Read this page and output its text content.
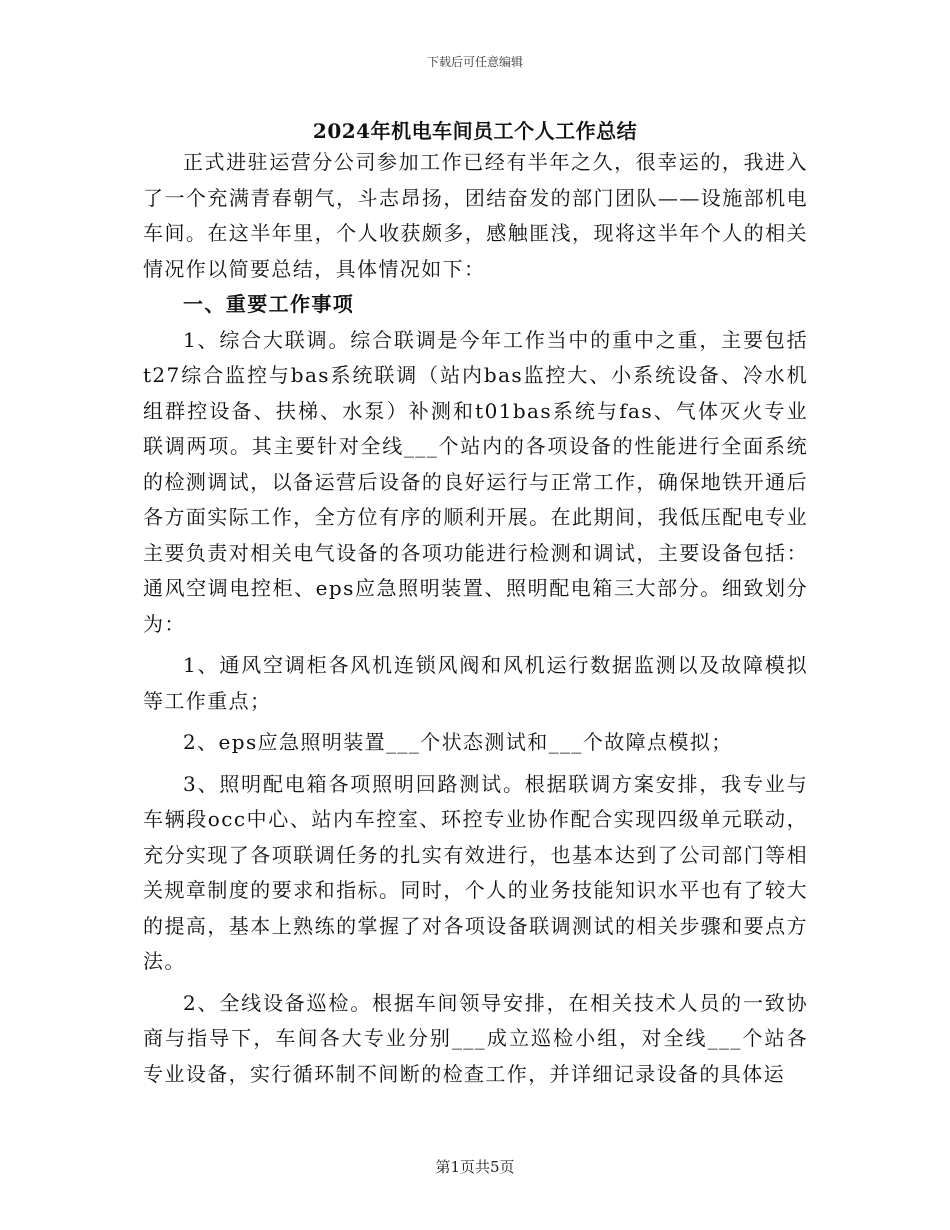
下载后可任意编辑
2024年机电车间员工个人工作总结

正式进驻运营分公司参加工作已经有半年之久，很幸运的，我进入了一个充满青春朝气，斗志昂扬，团结奋发的部门团队——设施部机电车间。在这半年里，个人收获颇多，感触匪浅，现将这半年个人的相关情况作以简要总结，具体情况如下：

一、重要工作事项

1、综合大联调。综合联调是今年工作当中的重中之重，主要包括t27综合监控与bas系统联调（站内bas监控大、小系统设备、冷水机组群控设备、扶梯、水泵）补测和t01bas系统与fas、气体灭火专业联调两项。其主要针对全线___个站内的各项设备的性能进行全面系统的检测调试，以备运营后设备的良好运行与正常工作，确保地铁开通后各方面实际工作，全方位有序的顺利开展。在此期间，我低压配电专业主要负责对相关电气设备的各项功能进行检测和调试，主要设备包括：通风空调电控柜、eps应急照明装置、照明配电箱三大部分。细致划分为：

1、通风空调柜各风机连锁风阀和风机运行数据监测以及故障模拟等工作重点；

2、eps应急照明装置___个状态测试和___个故障点模拟；

3、照明配电箱各项照明回路测试。根据联调方案安排，我专业与车辆段occ中心、站内车控室、环控专业协作配合实现四级单元联动，充分实现了各项联调任务的扎实有效进行，也基本达到了公司部门等相关规章制度的要求和指标。同时，个人的业务技能知识水平也有了较大的提高，基本上熟练的掌握了对各项设备联调测试的相关步骤和要点方法。

2、全线设备巡检。根据车间领导安排，在相关技术人员的一致协商与指导下，车间各大专业分别___成立巡检小组，对全线___个站各专业设备，实行循环制不间断的检查工作，并详细记录设备的具体运

第1页共5页
